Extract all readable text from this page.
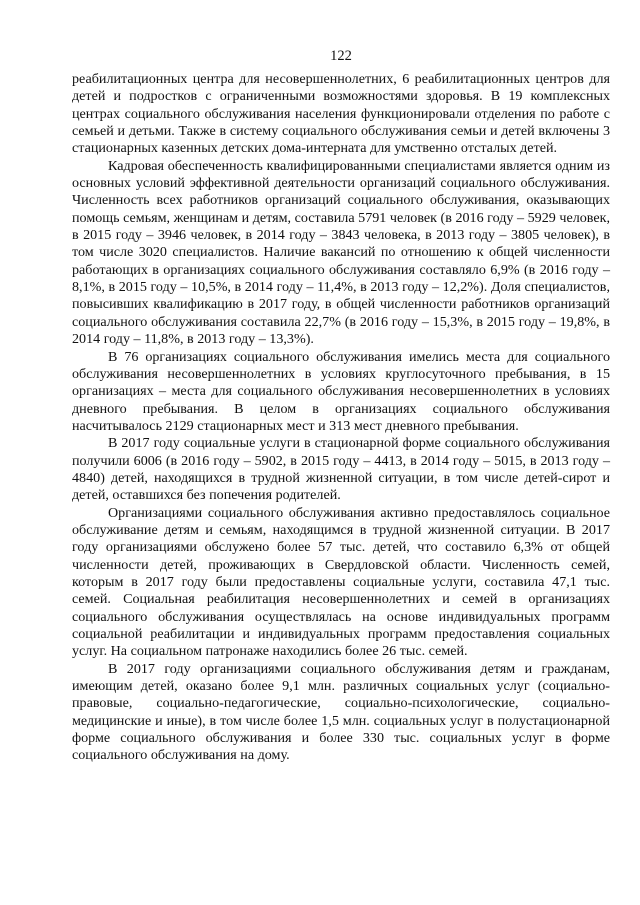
122

реабилитационных центра для несовершеннолетних, 6 реабилитационных центров для детей и подростков с ограниченными возможностями здоровья. В 19 комплексных центрах социального обслуживания населения функционировали отделения по работе с семьей и детьми. Также в систему социального обслуживания семьи и детей включены 3 стационарных казенных детских дома-интерната для умственно отсталых детей.

Кадровая обеспеченность квалифицированными специалистами является одним из основных условий эффективной деятельности организаций социального обслуживания. Численность всех работников организаций социального обслуживания, оказывающих помощь семьям, женщинам и детям, составила 5791 человек (в 2016 году – 5929 человек, в 2015 году – 3946 человек, в 2014 году – 3843 человека, в 2013 году – 3805 человек), в том числе 3020 специалистов. Наличие вакансий по отношению к общей численности работающих в организациях социального обслуживания составляло 6,9% (в 2016 году – 8,1%, в 2015 году – 10,5%, в 2014 году – 11,4%, в 2013 году – 12,2%). Доля специалистов, повысивших квалификацию в 2017 году, в общей численности работников организаций социального обслуживания составила 22,7% (в 2016 году – 15,3%, в 2015 году – 19,8%, в 2014 году – 11,8%, в 2013 году – 13,3%).

В 76 организациях социального обслуживания имелись места для социального обслуживания несовершеннолетних в условиях круглосуточного пребывания, в 15 организациях – места для социального обслуживания несовершеннолетних в условиях дневного пребывания. В целом в организациях социального обслуживания насчитывалось 2129 стационарных мест и 313 мест дневного пребывания.

В 2017 году социальные услуги в стационарной форме социального обслуживания получили 6006 (в 2016 году – 5902, в 2015 году – 4413, в 2014 году – 5015, в 2013 году – 4840) детей, находящихся в трудной жизненной ситуации, в том числе детей-сирот и детей, оставшихся без попечения родителей.

Организациями социального обслуживания активно предоставлялось социальное обслуживание детям и семьям, находящимся в трудной жизненной ситуации. В 2017 году организациями обслужено более 57 тыс. детей, что составило 6,3% от общей численности детей, проживающих в Свердловской области. Численность семей, которым в 2017 году были предоставлены социальные услуги, составила 47,1 тыс. семей. Социальная реабилитация несовершеннолетних и семей в организациях социального обслуживания осуществлялась на основе индивидуальных программ социальной реабилитации и индивидуальных программ предоставления социальных услуг. На социальном патронаже находились более 26 тыс. семей.

В 2017 году организациями социального обслуживания детям и гражданам, имеющим детей, оказано более 9,1 млн. различных социальных услуг (социально-правовые, социально-педагогические, социально-психологические, социально-медицинские и иные), в том числе более 1,5 млн. социальных услуг в полустационарной форме социального обслуживания и более 330 тыс. социальных услуг в форме социального обслуживания на дому.
